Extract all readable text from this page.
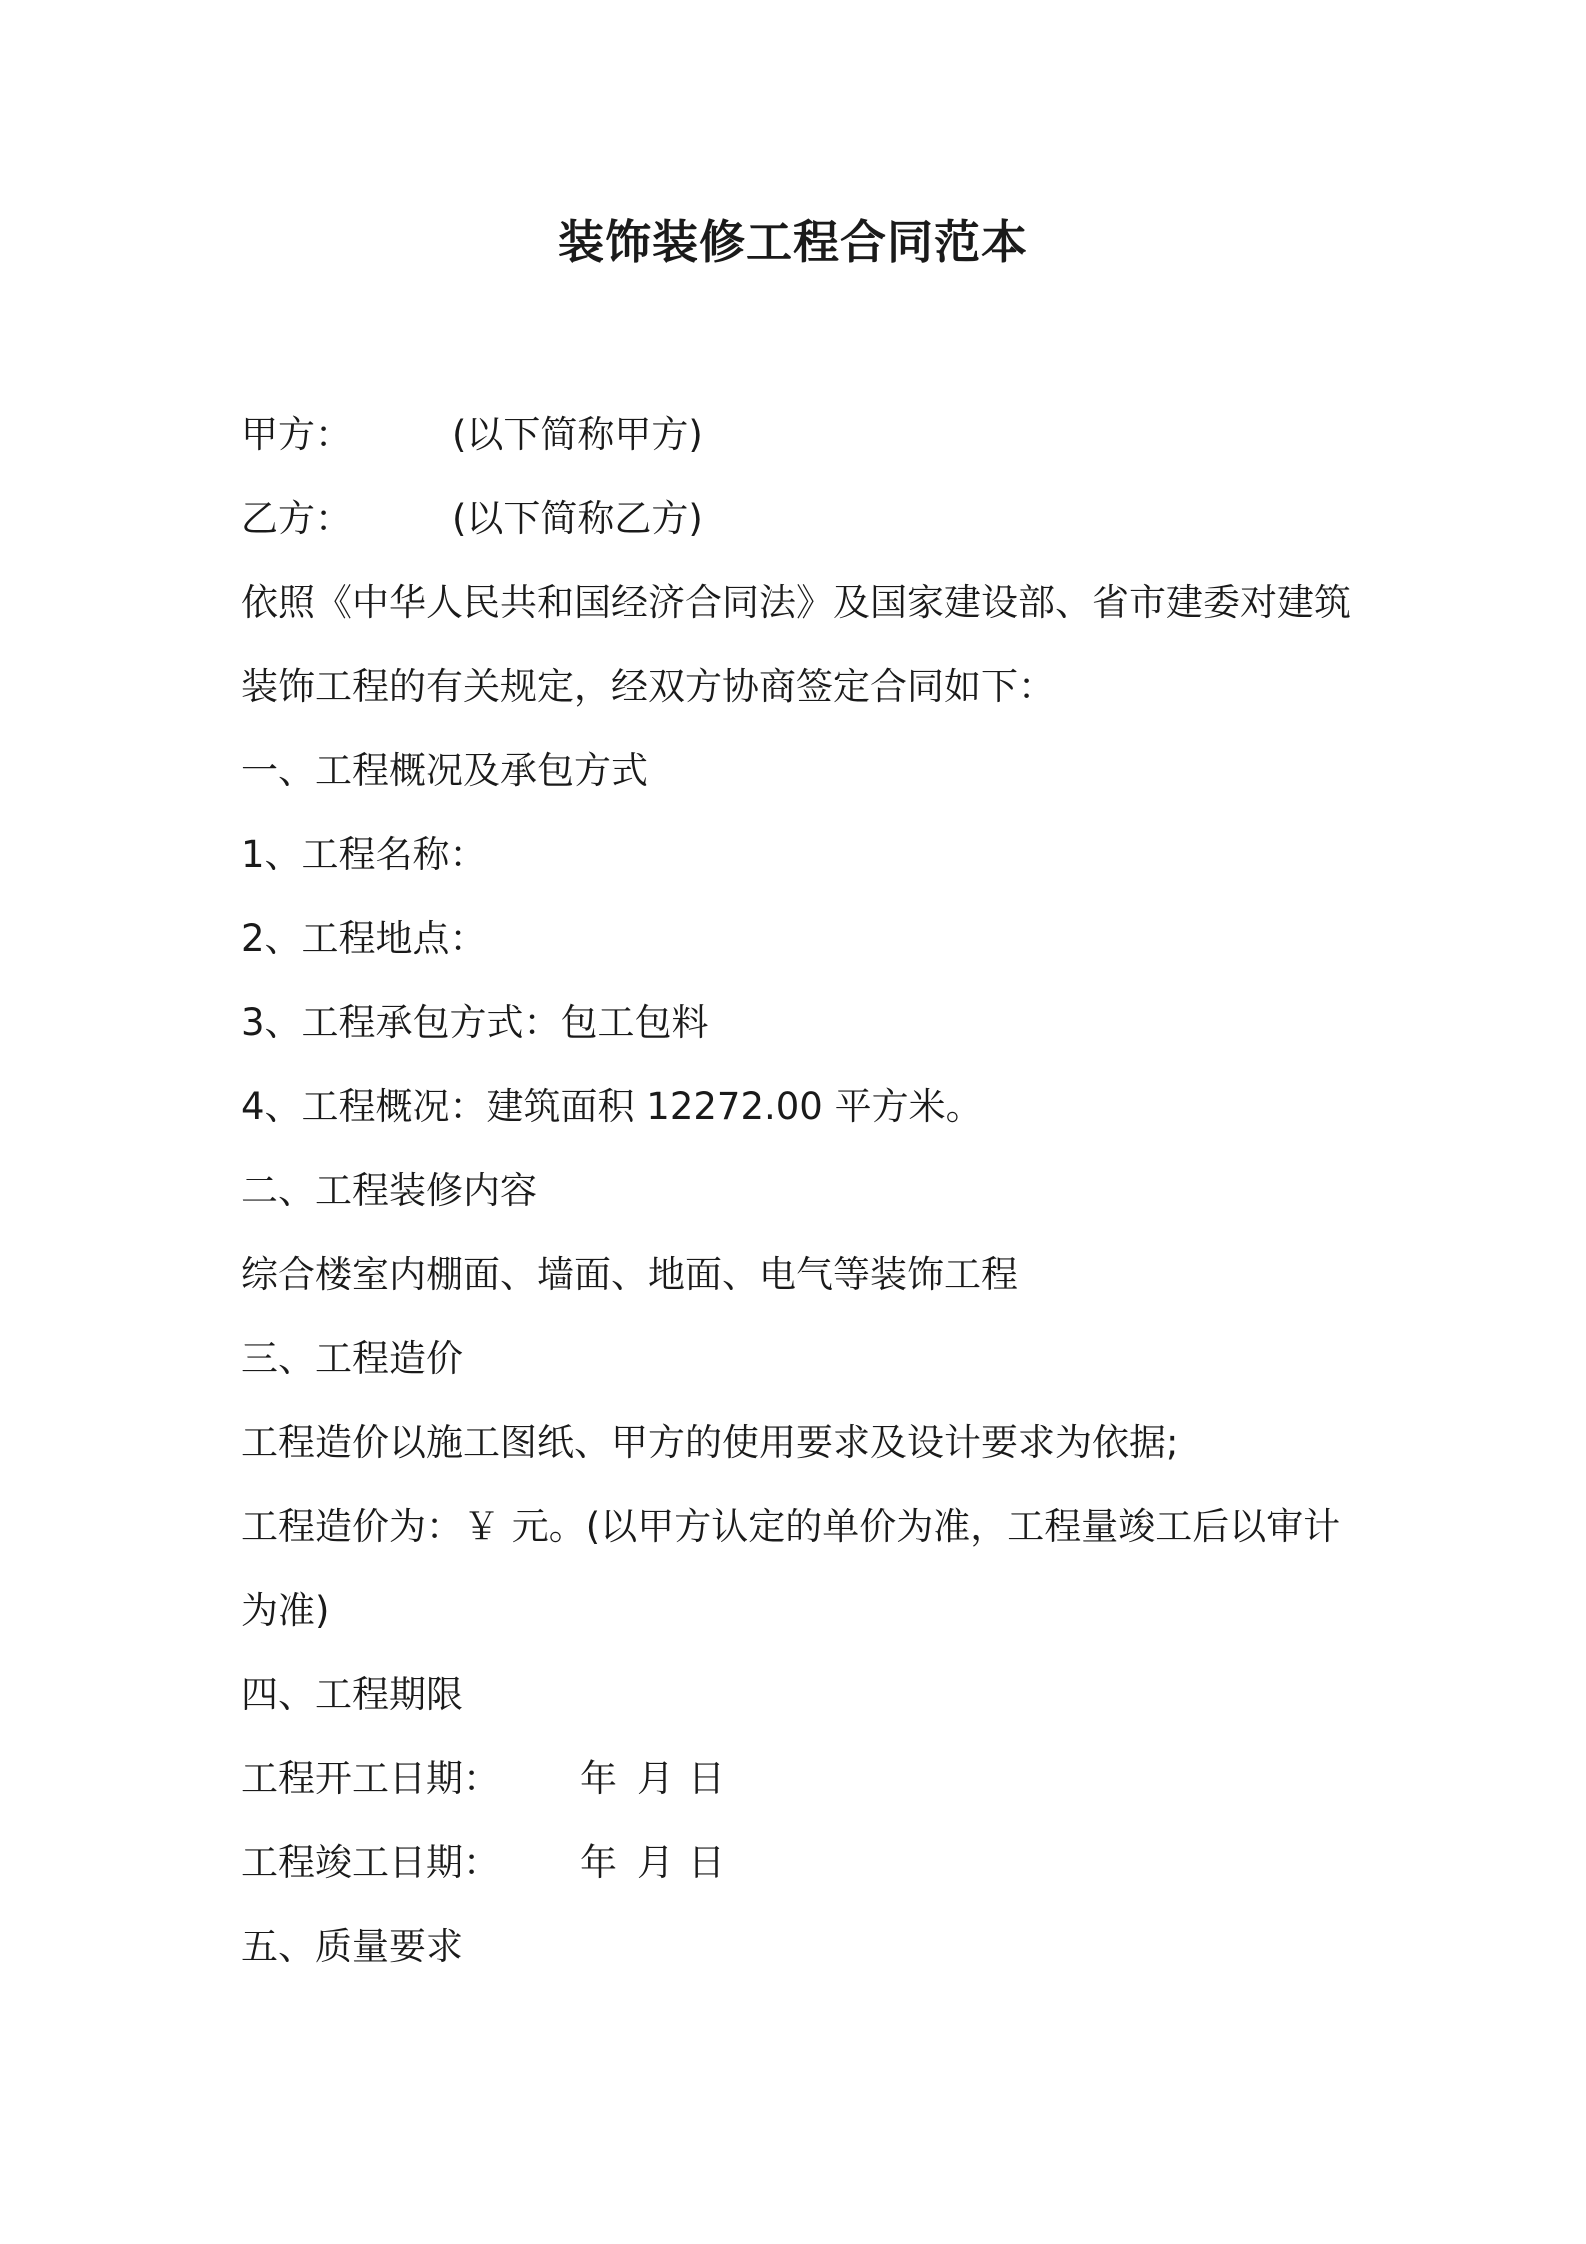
装饰装修工程合同范本
甲方：	(以下简称甲方)
乙方：	(以下简称乙方)
依照《中华人民共和国经济合同法》及国家建设部、省市建委对建筑
装饰工程的有关规定，经双方协商签定合同如下：
一、工程概况及承包方式
1、工程名称：
2、工程地点：
3、工程承包方式：包工包料
4、工程概况：建筑面积 12272.00 平方米。
二、工程装修内容
综合楼室内棚面、墙面、地面、电气等装饰工程
三、工程造价
工程造价以施工图纸、甲方的使用要求及设计要求为依据;
工程造价为：￥ 元。(以甲方认定的单价为准，工程量竣工后以审计
为准)
四、工程期限
工程开工日期： 年 月 日
工程竣工日期： 年 月 日
五、质量要求
